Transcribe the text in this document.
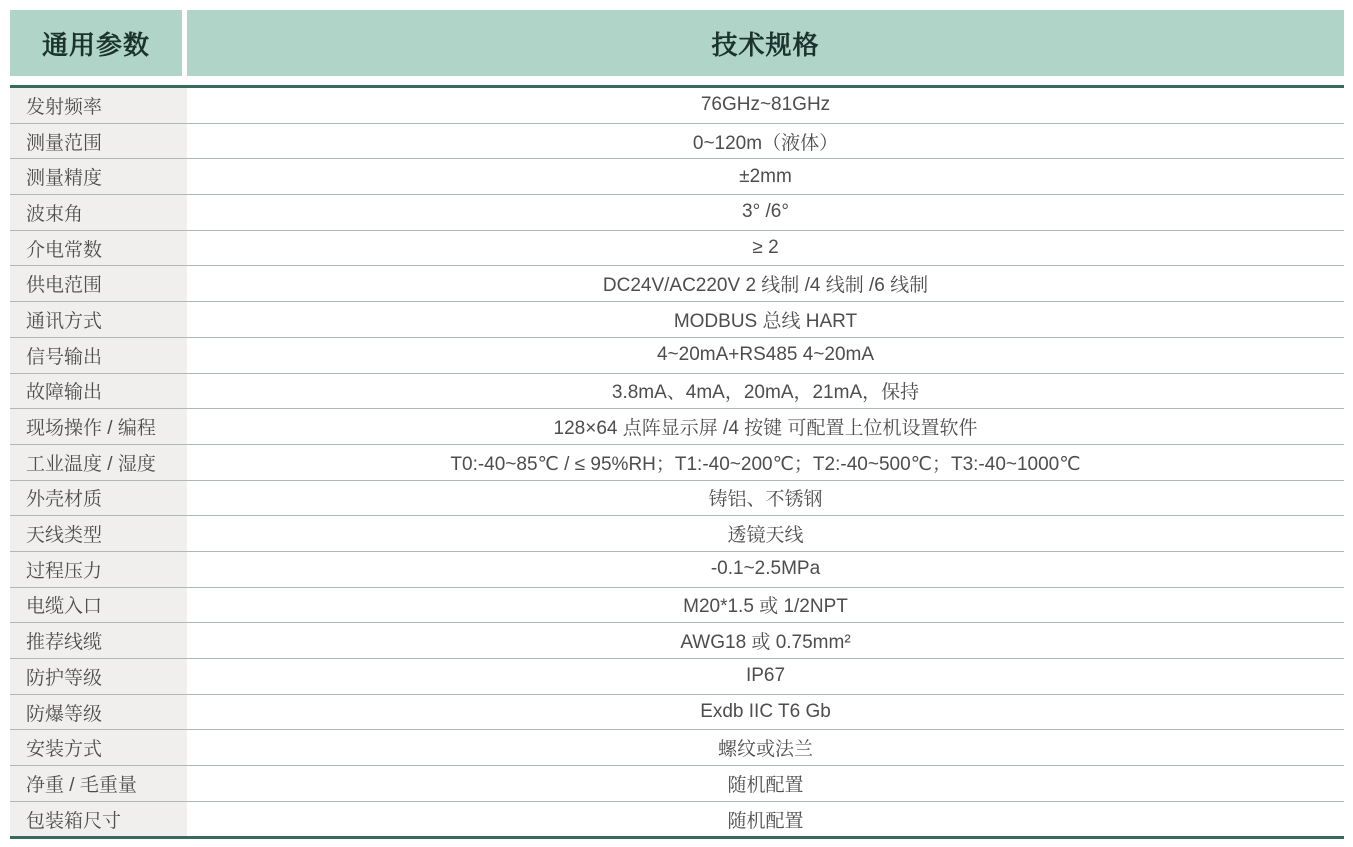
通用参数	技术规格
发射频率	76GHz~81GHz
测量范围	0~120m（液体）
测量精度	±2mm
波束角	3° /6°
介电常数	≥ 2
供电范围	DC24V/AC220V 2 线制 /4 线制 /6 线制
通讯方式	MODBUS 总线 HART
信号输出	4~20mA+RS485 4~20mA
故障输出	3.8mA、4mA，20mA，21mA，保持
现场操作 / 编程	128×64 点阵显示屏 /4 按键 可配置上位机设置软件
工业温度 / 湿度	T0:-40~85℃ / ≤ 95%RH；T1:-40~200℃；T2:-40~500℃；T3:-40~1000℃
外壳材质	铸铝、不锈钢
天线类型	透镜天线
过程压力	-0.1~2.5MPa
电缆入口	M20*1.5 或 1/2NPT
推荐线缆	AWG18 或 0.75mm²
防护等级	IP67
防爆等级	Exdb IIC T6 Gb
安装方式	螺纹或法兰
净重 / 毛重量	随机配置
包装箱尺寸	随机配置
